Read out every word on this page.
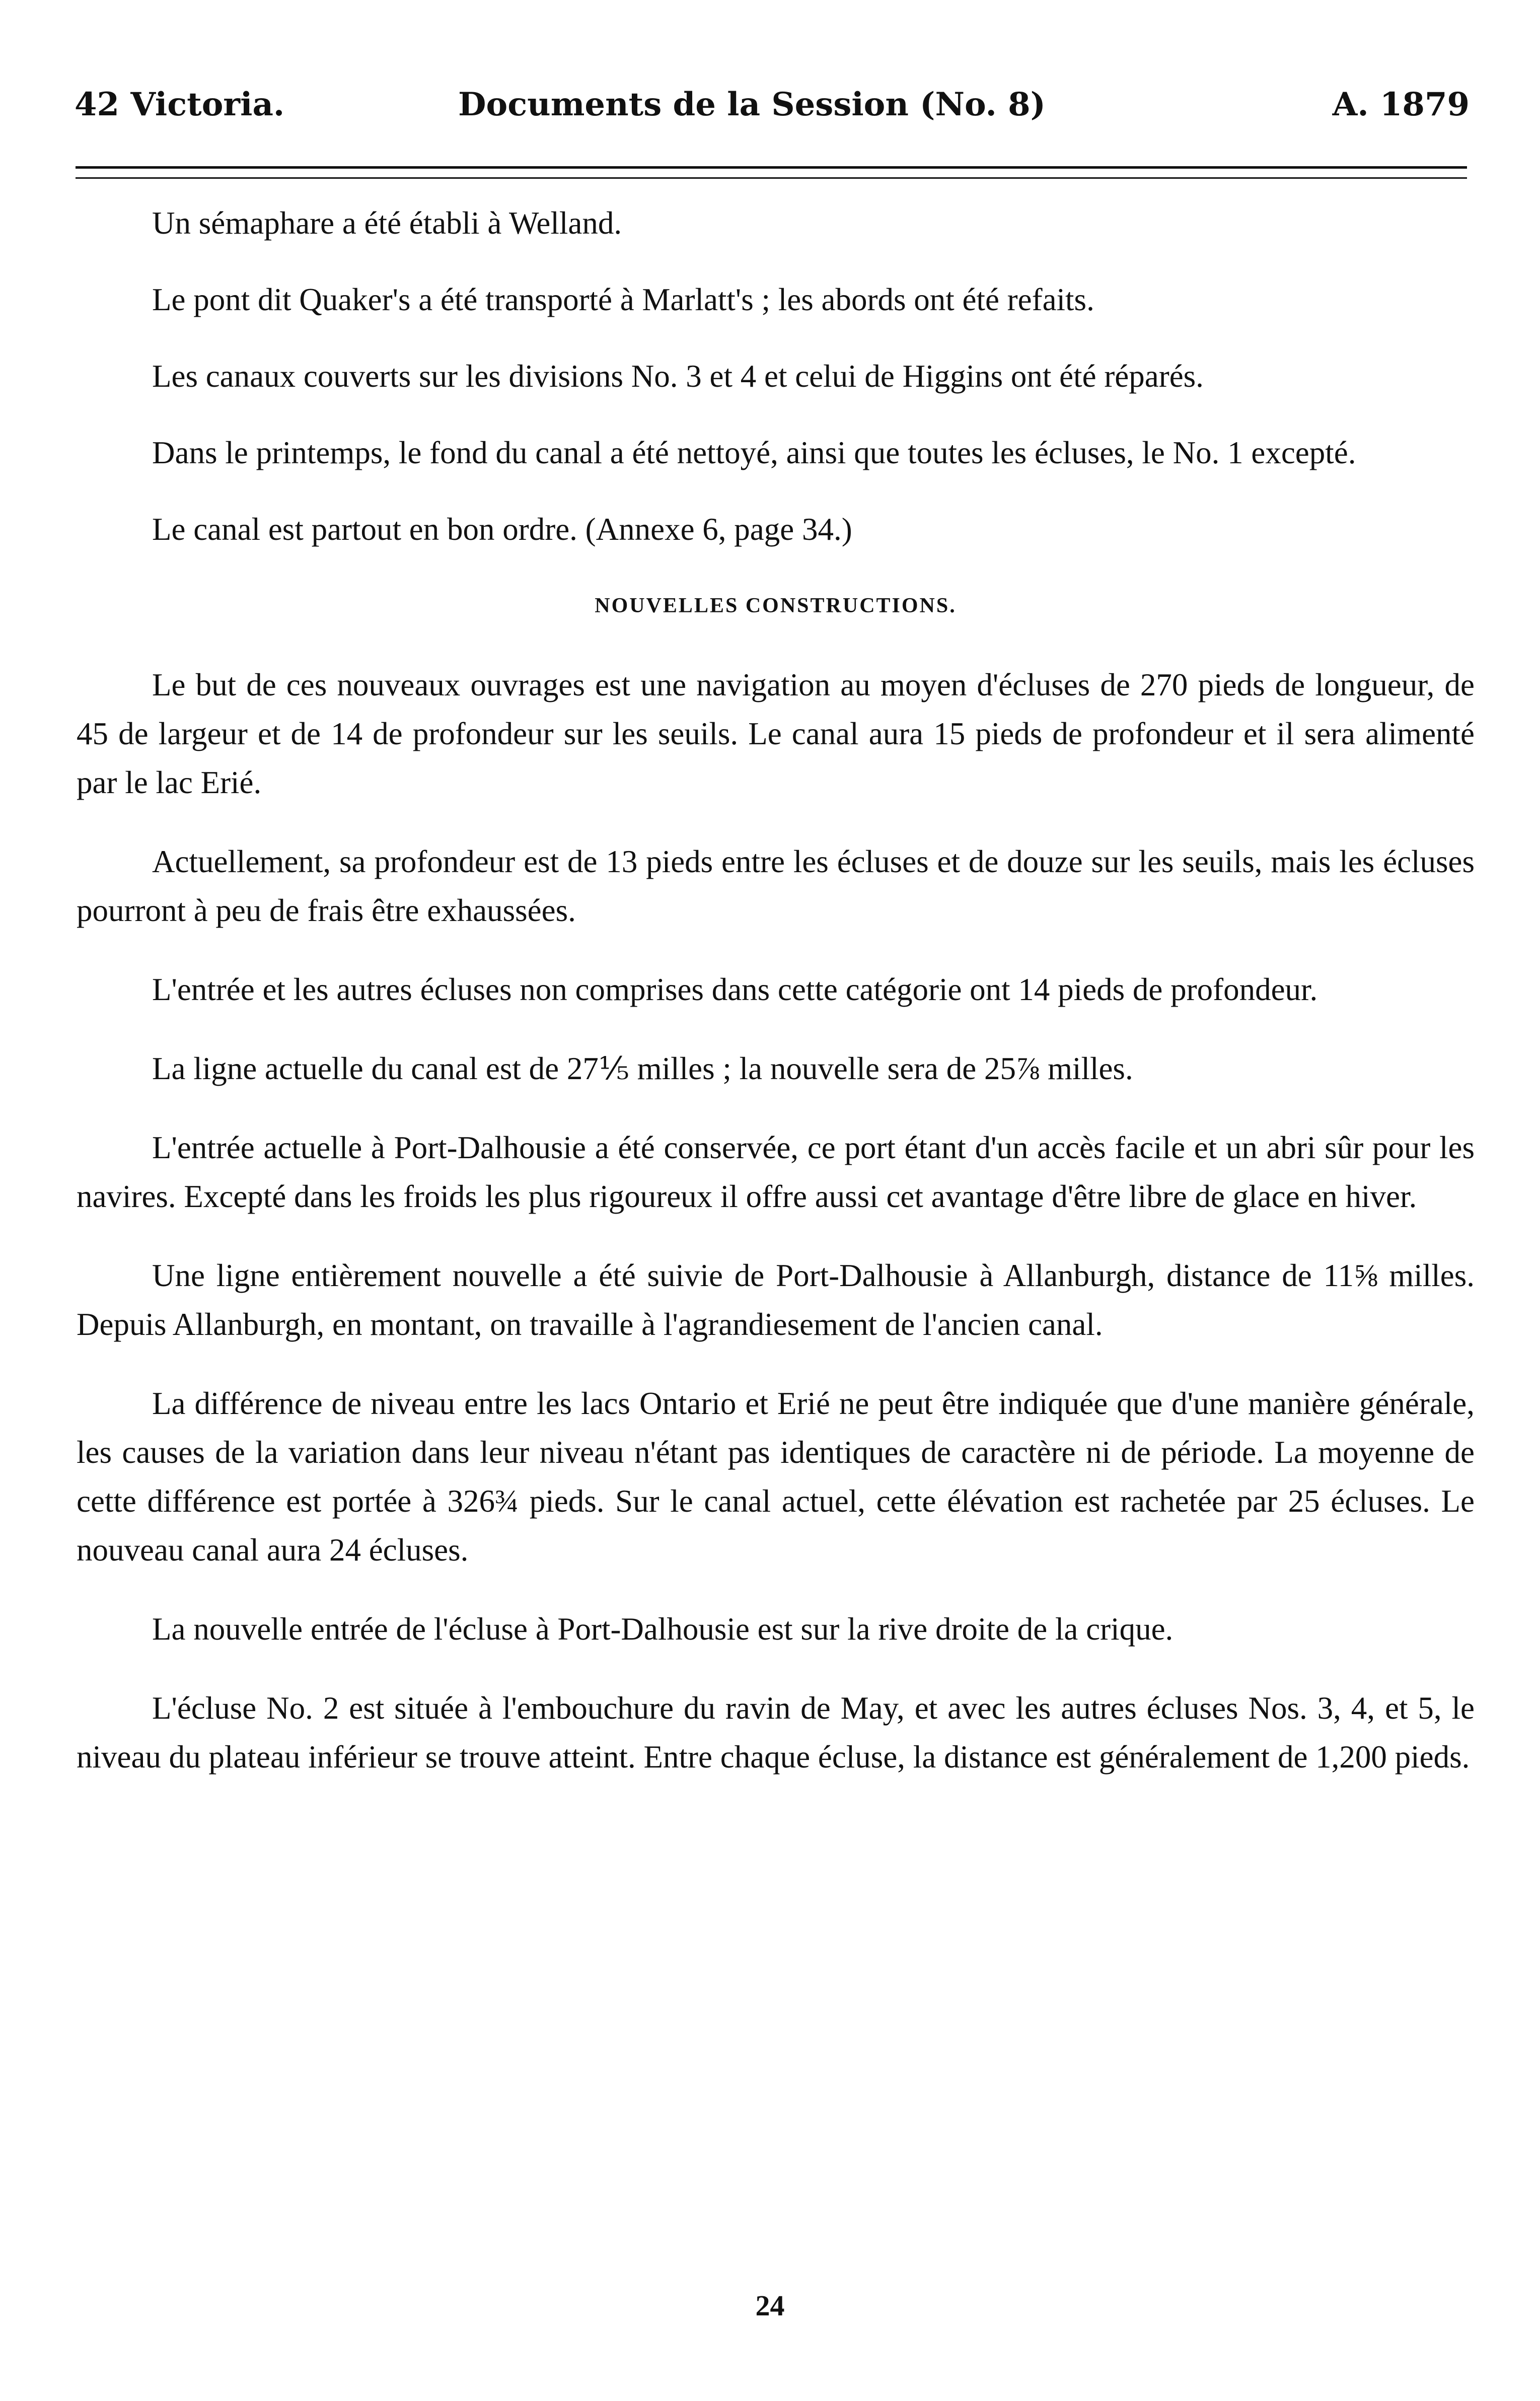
42 Victoria.	Documents de la Session (No. 8)	A. 1879

Un sémaphare a été établi à Welland.

Le pont dit Quaker's a été transporté à Marlatt's ; les abords ont été refaits.

Les canaux couverts sur les divisions No. 3 et 4 et celui de Higgins ont été réparés.

Dans le printemps, le fond du canal a été nettoyé, ainsi que toutes les écluses, le No. 1 excepté.

Le canal est partout en bon ordre. (Annexe 6, page 34.)

NOUVELLES CONSTRUCTIONS.

Le but de ces nouveaux ouvrages est une navigation au moyen d'écluses de 270 pieds de longueur, de 45 de largeur et de 14 de profondeur sur les seuils. Le canal aura 15 pieds de profondeur et il sera alimenté par le lac Erié.

Actuellement, sa profondeur est de 13 pieds entre les écluses et de douze sur les seuils, mais les écluses pourront à peu de frais être exhaussées.

L'entrée et les autres écluses non comprises dans cette catégorie ont 14 pieds de profondeur.

La ligne actuelle du canal est de 27⅕ milles ; la nouvelle sera de 25⅞ milles.

L'entrée actuelle à Port-Dalhousie a été conservée, ce port étant d'un accès facile et un abri sûr pour les navires. Excepté dans les froids les plus rigoureux il offre aussi cet avantage d'être libre de glace en hiver.

Une ligne entièrement nouvelle a été suivie de Port-Dalhousie à Allanburgh, distance de 11⅝ milles. Depuis Allanburgh, en montant, on travaille à l'agrandiesement de l'ancien canal.

La différence de niveau entre les lacs Ontario et Erié ne peut être indiquée que d'une manière générale, les causes de la variation dans leur niveau n'étant pas identiques de caractère ni de période. La moyenne de cette différence est portée à 326¾ pieds. Sur le canal actuel, cette élévation est rachetée par 25 écluses. Le nouveau canal aura 24 écluses.

La nouvelle entrée de l'écluse à Port-Dalhousie est sur la rive droite de la crique.

L'écluse No. 2 est située à l'embouchure du ravin de May, et avec les autres écluses Nos. 3, 4, et 5, le niveau du plateau inférieur se trouve atteint. Entre chaque écluse, la distance est généralement de 1,200 pieds.

24
